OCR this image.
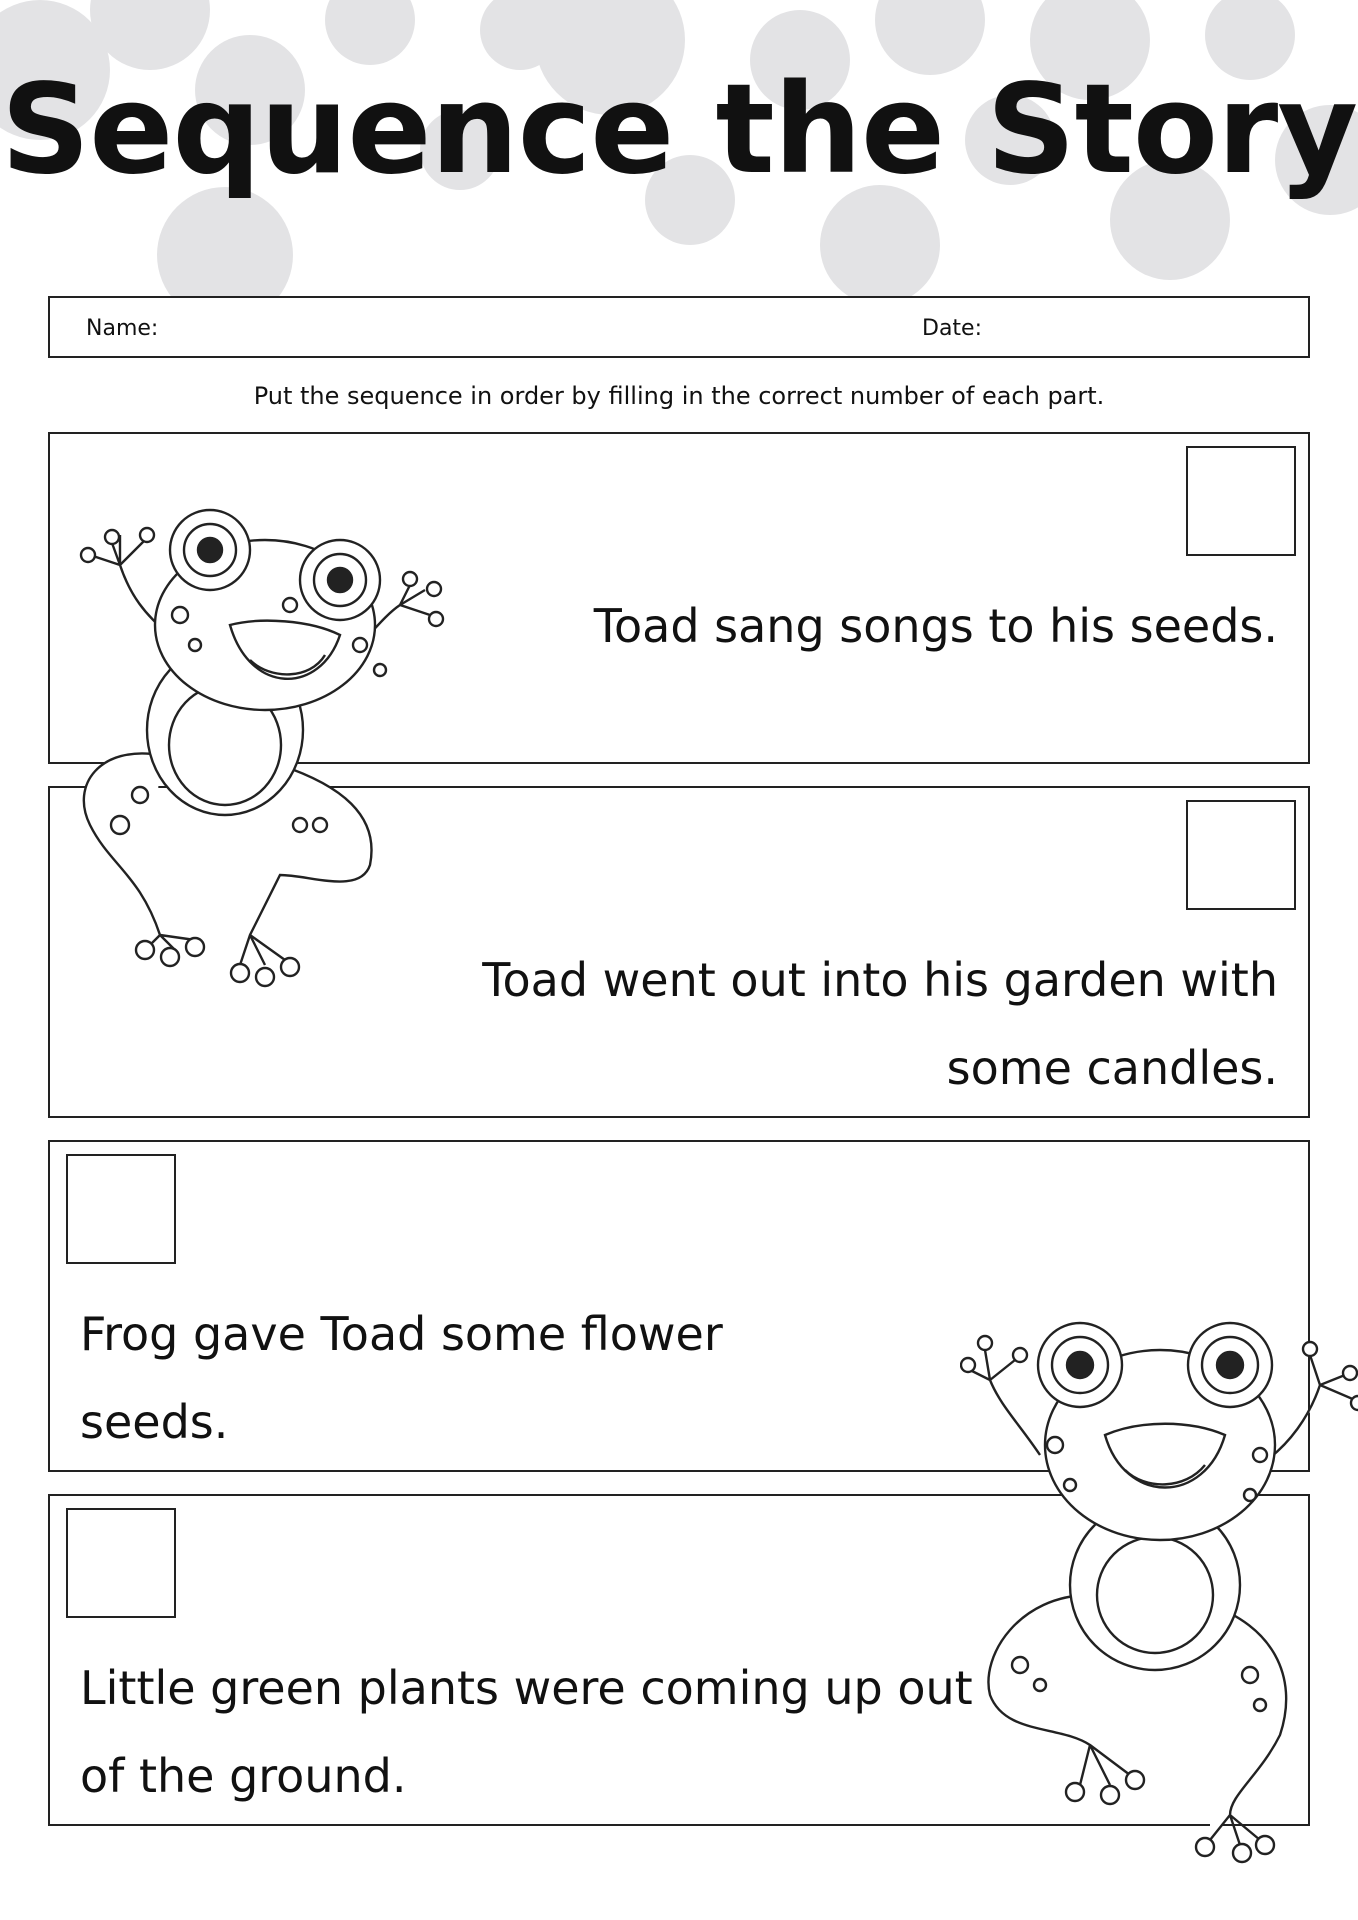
Sequence the Story
Name:	Date:
Put the sequence in order by filling in the correct number of each part.
Toad sang songs to his seeds.
Toad went out into his garden with some candles.
Frog gave Toad some flower seeds.
Little green plants were coming up out of the ground.
